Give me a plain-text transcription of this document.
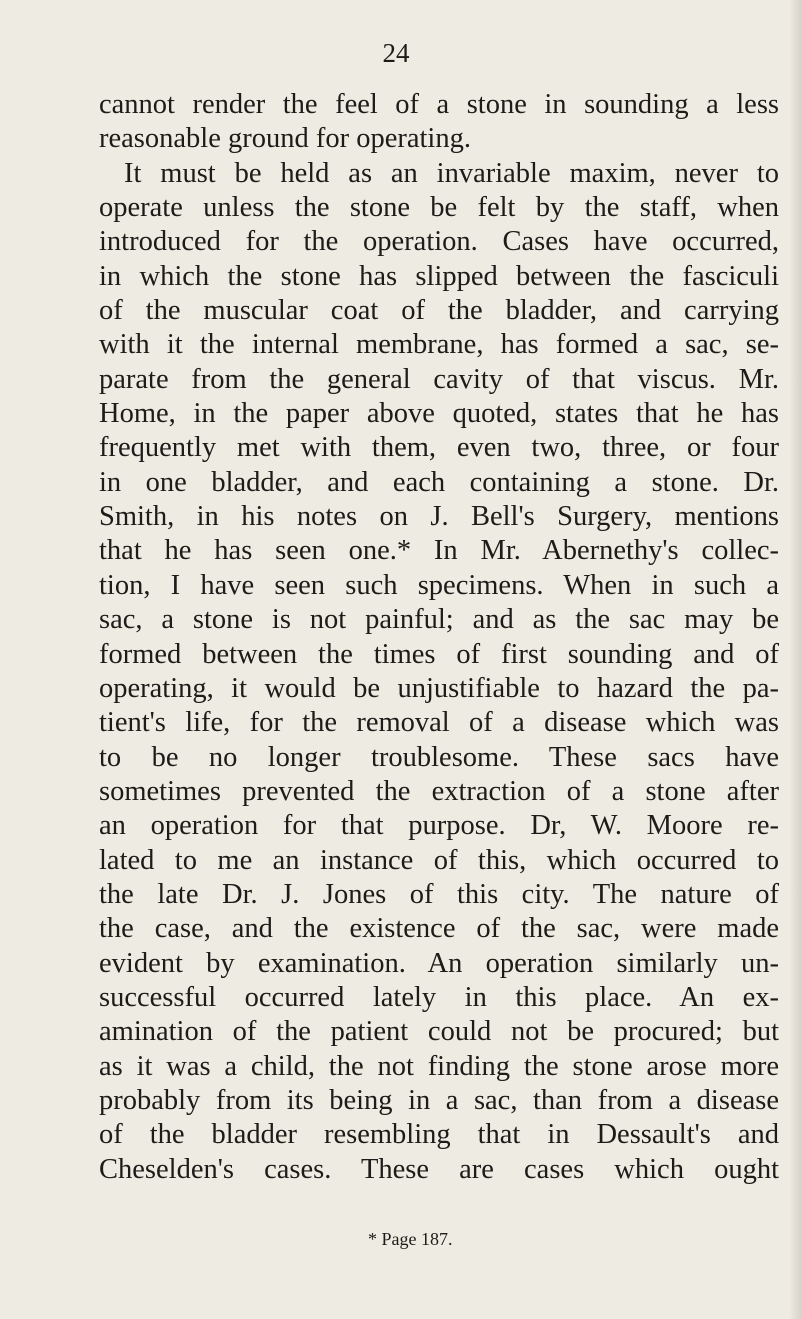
24
cannot render the feel of a stone in sounding a less
reasonable ground for operating.
It must be held as an invariable maxim, never to
operate unless the stone be felt by the staff, when
introduced for the operation. Cases have occurred,
in which the stone has slipped between the fasciculi
of the muscular coat of the bladder, and carrying
with it the internal membrane, has formed a sac, se-
parate from the general cavity of that viscus. Mr.
Home, in the paper above quoted, states that he has
frequently met with them, even two, three, or four
in one bladder, and each containing a stone. Dr.
Smith, in his notes on J. Bell's Surgery, mentions
that he has seen one.* In Mr. Abernethy's collec-
tion, I have seen such specimens. When in such a
sac, a stone is not painful; and as the sac may be
formed between the times of first sounding and of
operating, it would be unjustifiable to hazard the pa-
tient's life, for the removal of a disease which was
to be no longer troublesome. These sacs have
sometimes prevented the extraction of a stone after
an operation for that purpose. Dr, W. Moore re-
lated to me an instance of this, which occurred to
the late Dr. J. Jones of this city. The nature of
the case, and the existence of the sac, were made
evident by examination. An operation similarly un-
successful occurred lately in this place. An ex-
amination of the patient could not be procured; but
as it was a child, the not finding the stone arose more
probably from its being in a sac, than from a disease
of the bladder resembling that in Dessault's and
Cheselden's cases. These are cases which ought
* Page 187.
